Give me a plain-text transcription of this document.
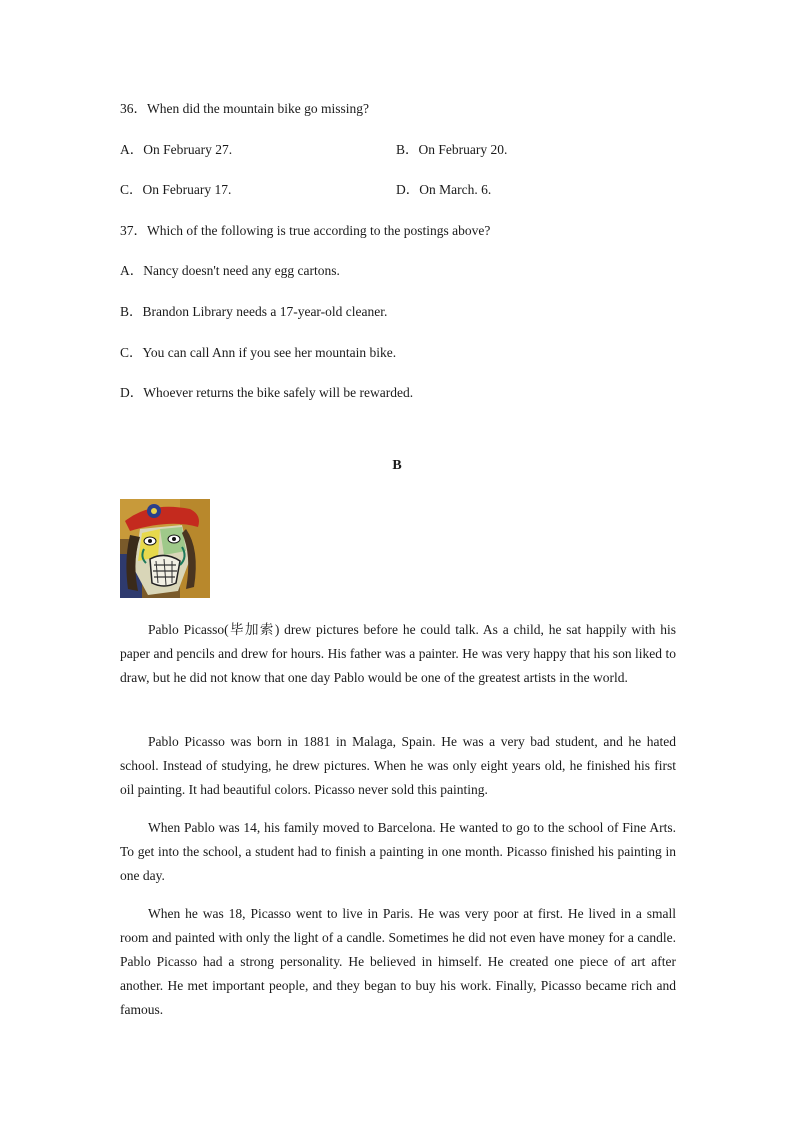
36．When did the mountain bike go missing?
A．On February 27.	B．On February 20.
C．On February 17.	D．On March. 6.
37．Which of the following is true according to the postings above?
A．Nancy doesn't need any egg cartons.
B．Brandon Library needs a 17-year-old cleaner.
C．You can call Ann if you see her mountain bike.
D．Whoever returns the bike safely will be rewarded.
B

Pablo Picasso(毕加索) drew pictures before he could talk. As a child, he sat happily with his paper and pencils and drew for hours. His father was a painter. He was very happy that his son liked to draw, but he did not know that one day Pablo would be one of the greatest artists in the world.

Pablo Picasso was born in 1881 in Malaga, Spain. He was a very bad student, and he hated school. Instead of studying, he drew pictures. When he was only eight years old, he finished his first oil painting. It had beautiful colors. Picasso never sold this painting.

When Pablo was 14, his family moved to Barcelona. He wanted to go to the school of Fine Arts. To get into the school, a student had to finish a painting in one month. Picasso finished his painting in one day.

When he was 18, Picasso went to live in Paris. He was very poor at first. He lived in a small room and painted with only the light of a candle. Sometimes he did not even have money for a candle. Pablo Picasso had a strong personality. He believed in himself. He created one piece of art after another. He met important people, and they began to buy his work. Finally, Picasso became rich and famous.
